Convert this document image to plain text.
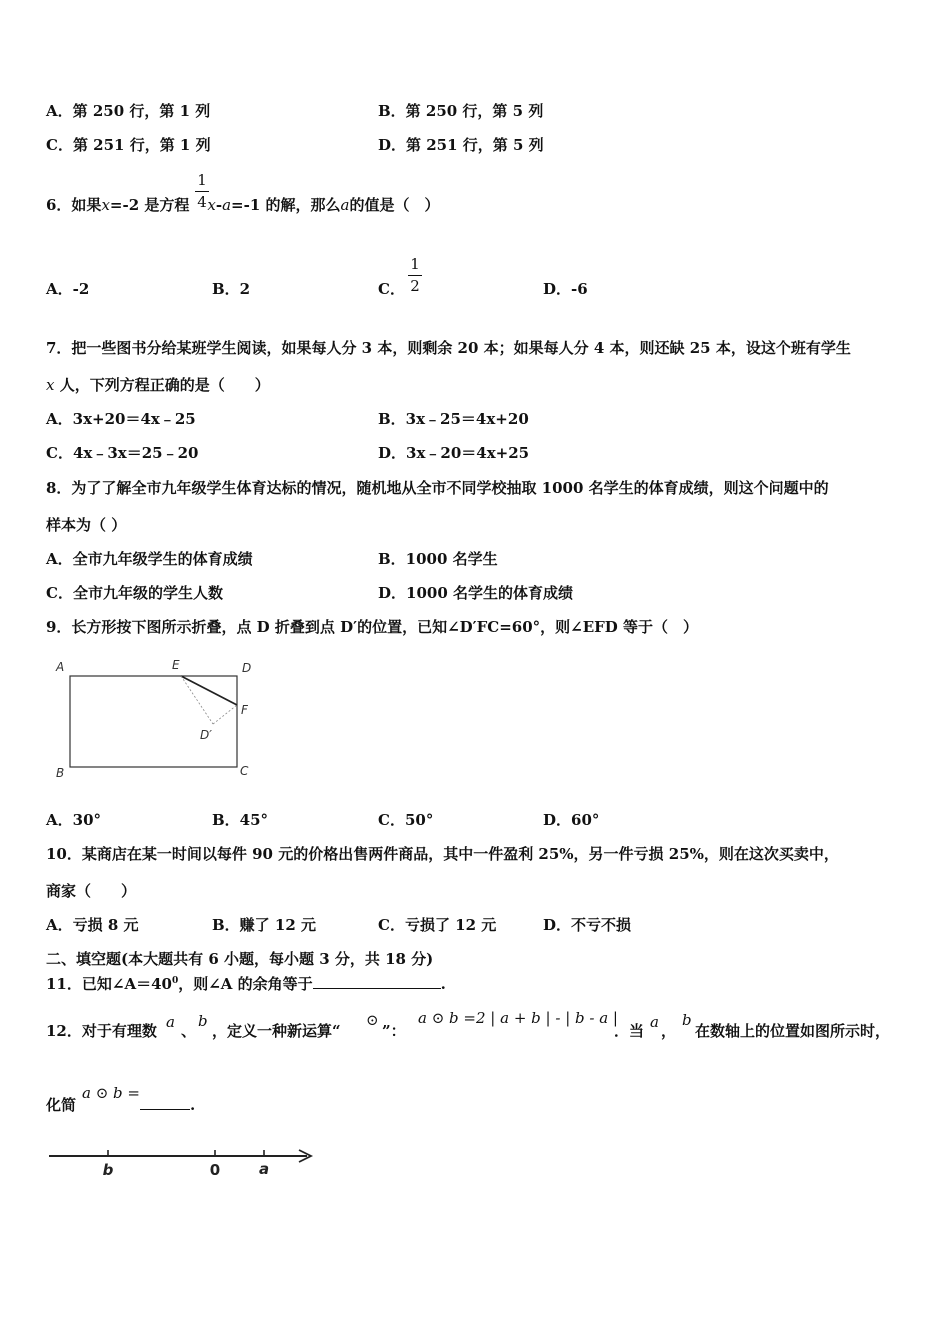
A．第 250 行，第 1 列	B．第 250 行，第 5 列
C．第 251 行，第 1 列	D．第 251 行，第 5 列
6．如果x=-2 是方程 x-a=-1 的解，那么a的值是（　）
1
4
A．-2	B．2	C．
1
2	D．-6
7．把一些图书分给某班学生阅读，如果每人分 3 本，则剩余 20 本；如果每人分 4 本，则还缺 25 本，设这个班有学生
x 人，下列方程正确的是（　　）
A．3x+20＝4x﹣25	B．3x﹣25＝4x+20
C．4x﹣3x＝25﹣20	D．3x﹣20＝4x+25
8．为了了解全市九年级学生体育达标的情况，随机地从全市不同学校抽取 1000 名学生的体育成绩，则这个问题中的
样本为（ ）
A．全市九年级学生的体育成绩	B．1000 名学生
C．全市九年级的学生人数	D．1000 名学生的体育成绩
9．长方形按下图所示折叠，点 D 折叠到点 D′的位置，已知∠D′FC=60°，则∠EFD 等于（　）
A	E	D
F
D′
B	C
A．30°	B．45°	C．50°	D．60°
10．某商店在某一时间以每件 90 元的价格出售两件商品，其中一件盈利 25%，另一件亏损 25%，则在这次买卖中，
商家（　　）
A．亏损 8 元	B．赚了 12 元	C．亏损了 12 元	D．不亏不损
二、填空题(本大题共有 6 小题，每小题 3 分，共 18 分)
11．已知$\angle A=40^0$，则∠A 的余角等于	.
12．对于有理数 a 、
b
，定义一种新运算“
⊙
”：
a ⊙ b =2 | a + b | - | b - a |
．当 a ，
b
在数轴上的位置如图所示时，
化简
a ⊙ b =
.
b	0	a
